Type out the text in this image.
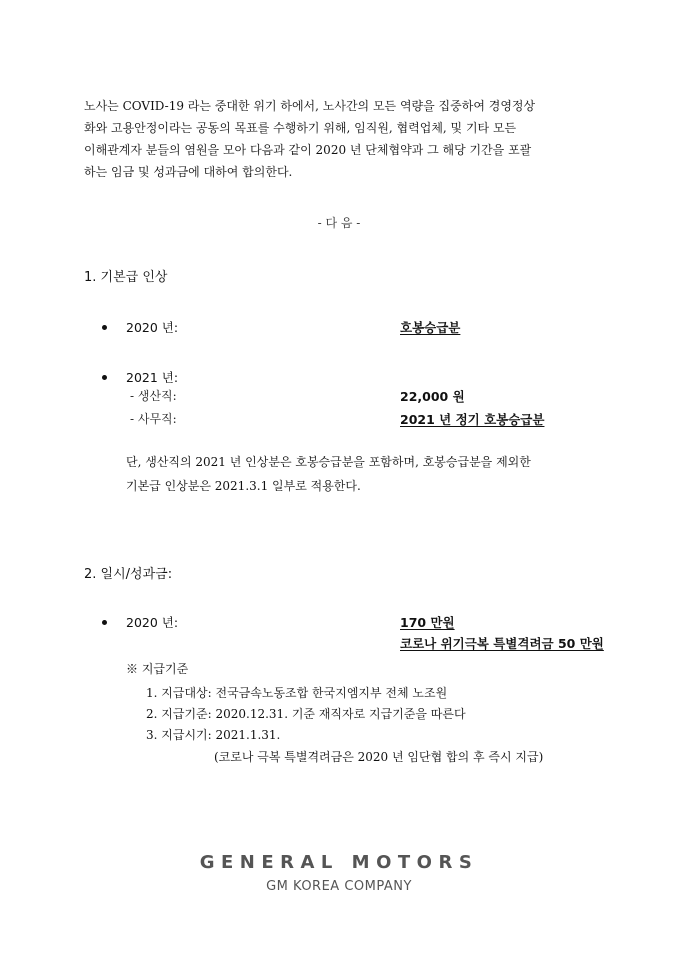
노사는 COVID-19 라는 중대한 위기 하에서, 노사간의 모든 역량을 집중하여 경영정상
화와 고용안정이라는 공동의 목표를 수행하기 위해, 임직원, 협력업체, 및 기타 모든
이해관계자 분들의 염원을 모아 다음과 같이 2020 년 단체협약과 그 해당 기간을 포괄
하는 임금 및 성과금에 대하여 합의한다.

- 다 음 -
1. 기본급 인상
2020 년:	호봉승급분
2021 년:
- 생산직:	22,000 원
- 사무직:	2021 년 정기 호봉승급분
단, 생산직의 2021 년 인상분은 호봉승급분을 포함하며, 호봉승급분을 제외한
기본급 인상분은 2021.3.1 일부로 적용한다.
2. 일시/성과금:
2020 년:	170 만원
코로나 위기극복 특별격려금 50 만원
※ 지급기준
1. 지급대상: 전국금속노동조합 한국지엠지부 전체 노조원
2. 지급기준: 2020.12.31. 기준 재직자로 지급기준을 따른다
3. 지급시기: 2021.1.31.
(코로나 극복 특별격려금은 2020 년 임단협 합의 후 즉시 지급)
GENERAL MOTORS
GM KOREA COMPANY
